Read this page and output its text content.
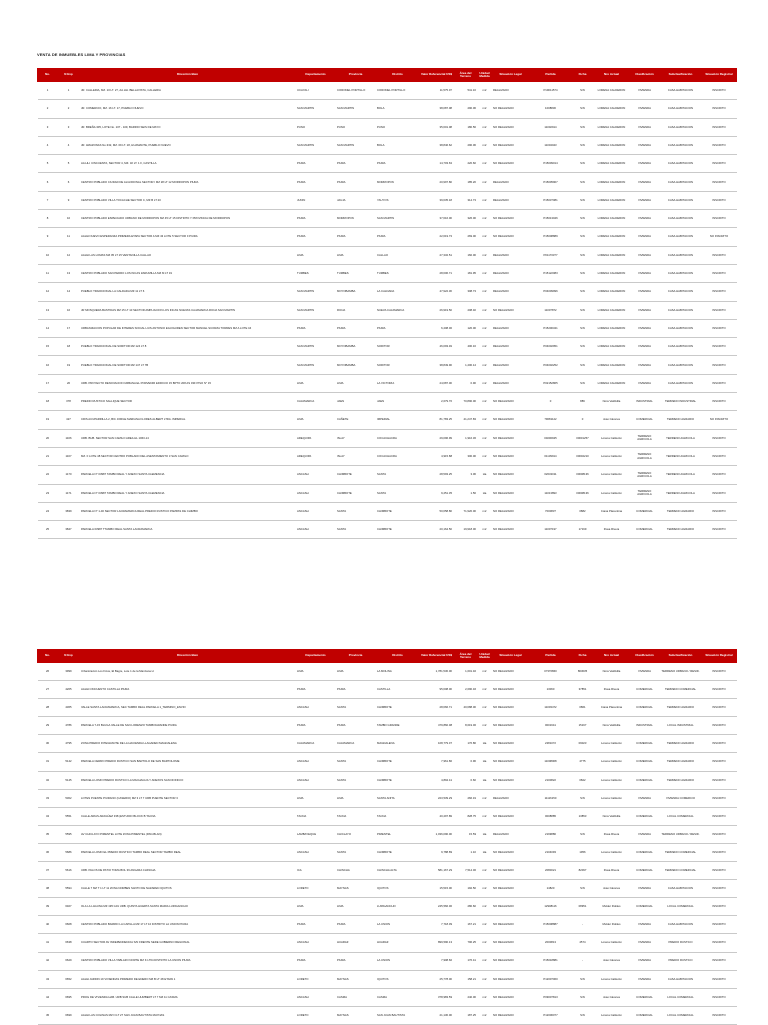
VENTA DE INMUEBLES LIMA Y PROVINCIAS
No.	N Exp	Dirección Bien	Departamento	Provincia	Distrito	Valor Referencial US$	Área del Terreno	Unidad Medida	Situación Legal	Partida	Ficha	Nro Actual	Clasificación	Subclasificación	Situación Registral
1	1	JR. CALLERIA, MZ. 10 LT. 27, AA.HH. BELLAVISTA, CALLERIA	UCAYALI	CORONEL PORTILLO	CORONEL PORTILLO	11,575.07	541.16	m2	REALIZADO	P19011574	S/N	LORENA CALDERON	VIVIENDA	CASA HABITACION	INSCRITO
2	2	JR. COMERCIO, MZ. 16 LT. 17, PUEBLO NUEVO	SAN MARTIN	SAN MARTIN	BOLA	38,087.08	290.06	m2	NO REALIZADO	1008830	S/N	LORENA CALDERON	VIVIENDA	CASA HABITACION	INSCRITO
3	3	JR. BREÑA 305, LOTE No. 107 - 109, BARRIO SEIS DE MAYO	PUNO	PUNO	PUNO	35,601.08	180.56	m2	NO REALIZADO	11002914	S/N	LORENA CALDERON	VIVIENDA	CASA HABITACION	INSCRITO
4	4	JR. AMAZONAS No.332, MZ. 09 LT. 18, HUAMANTE, PUEBLO NUEVO	SAN MARTIN	SAN MARTIN	BOLA	38,846.62	290.06	m2	NO REALIZADO	11004043	S/N	LORENA CALDERON	VIVIENDA	CASA HABITACION	INSCRITO
5	5	AA.HH. CINCUENTA, SECTOR 4, MZ. 32 LT. 1 F, CASTILLA	PIURA	PIURA	PIURA	14,703.63	220.60	m2	NO REALIZADO	P15009014	S/N	LORENA CALDERON	VIVIENDA	CASA HABITACION	INSCRITO
6	6	CENTRO POBLADO CIUDAD DE ALGODONAL SECTOR I MZ 28 LT 12 MORROPON PIURA	PIURA	PIURA	MORROPON	20,997.80	185.20	m2	REALIZADO	P15005907	S/N	LORENA CALDERON	VIVIENDA	CASA HABITACION	INSCRITO
7	9	CENTRO POBLADO VILLA TOCACHE SECTOR C, MZ B LT 20	JUNIN	JAUJA	YAUYOS	39,635.18	314.73	m2	REALIZADO	P15037081	S/N	LORENA CALDERON	VIVIENDA	CASA HABITACION	INSCRITO
8	10	CENTRO POBLADO ESPECIADO URBANO DE MORROPON MZ 45 LT 15 DISTRITO Y PROVINCIA DE MORROPON	PIURA	MORROPON	SAN MARTIN	37,616.00	326.00	m2	NO REALIZADO	P15013046	S/N	LORENA CALDERON	VIVIENDA	CASA HABITACION	INSCRITO
9	11	AAHH NUEVO ESPERANZA PRIMERA ETAPA SECTOR A MZ 43 LOTE 5 SECTOR II PIURA	PIURA	PIURA	PIURA	22,619.73	269.00	m2	NO REALIZADO	P15008889	S/N	LORENA CALDERON	VIVIENDA	CASA HABITACION	NO INSCRITO
10	12	AAHH LAS LOMAS MZ 05 LT 15 VENTANILLA CALLAO	LIMA	LIMA	CALLAO	27,332.51	160.00	m2	REALIZADO	P01170377	S/N	LORENA CALDERON	VIVIENDA	CASA HABITACION	INSCRITO
11	13	CENTRO POBLADO SAN PEDRO LOS INCAS ZARUMILLA MZ M LT 19	TUMBES	TUMBES	TUMBES	28,606.71	181.95	m2	REALIZADO	P15122083	S/N	LORENA CALDERON	VIVIENDA	CASA HABITACION	INSCRITO
12	14	PUEBLO TRADICIONAL LA CALDADA MZ 11 LT 6	SAN MARTIN	MOYOBAMBA	LA CALDADA	47,922.30	308.73	m2	REALIZADO	P04009996	S/N	LORENA CALDERON	VIVIENDA	CASA HABITACION	INSCRITO
13	16	JR MOSQUERA BASTIDAS MZ 15 LT 10 SECTOR AMPLIACION LOS INCAS NUEVAS CAJAMARCA RIOJA SAN MARTIN	SAN MARTIN	RIOJA	NUEVA CAJAMARCA	26,919.50	208.40	m2	NO REALIZADO	11007872	S/N	LORENA CALDERON	VIVIENDA	CASA HABITACION	INSCRITO
14	17	URBANIZACION POPULAR DE INTERES SOCIAL LUIS ANTONIO EGUIGUREN SECTOR MANUEL SCORZA TORRES MZ A LOTE 16	PIURA	PIURA	PIURA	6,208.00	120.00	m2	REALIZADO	P15200341	S/N	LORENA CALDERON	VIVIENDA	CASA HABITACION	INSCRITO
15	18	PUEBLO TRADICIONAL DE SORITOR MZ 124 LT 8	SAN MARTIN	MOYOBAMBA	SORITOR	46,093.49	400.16	m2	REALIZADO	P04002951	S/N	LORENA CALDERON	VIVIENDA	CASA HABITACION	INSCRITO
16	19	PUEBLO TRADICIONAL DE SORITOR MZ 147 LT 7B	SAN MARTIN	MOYOBAMBA	SORITOR	38,849.90	1,200.12	m2	REALIZADO	P04002252	S/N	LORENA CALDERON	VIVIENDA	CASA HABITACION	INSCRITO
17	20	URB. PROYECTO RENOVACION URBANA EL PORVENIR EDIFICIO 15 BPTO 208 AS 03F PISO N° 15	LIMA	LIMA	LA VICTORIA	24,687.00	0.90	m2	REALIZADO	P02152865	S/N	LORENA CALDERON	VIVIENDA	CASA HABITACION	INSCRITO
18	378	PREDIO RUSTICO SALLIQUE SECTOR	CAJAMARCA	JAEN	JAEN	2,079.70	70,890.00	m2	NO REALIZADO	0	886	Nora Valdivilla	INDUSTRIAL	TERRENO INDUSTRIAL	INSCRITO
19	427	CRIS ACUPARRILLA 2, BIC JORGE MARIANA FLORES ALBERT LTDA. IMPERIAL	LIMA	CAÑETE	IMPERIAL	81,783.25	41,247.83	m2	NO REALIZADO	79081122	0	José Cáceres	COMERCIAL	TERRENO AGRARIO	NO INSCRITO
20	1166	URB. BUB. SECTOR SAN CAMILO AREA HL 1063-14	AREQUIPA	ISLAY	COCACHACRA	29,096.99	1,916.30	m2	NO REALIZADO	04000925	00001257	Lorena Calderón	TERRENO AGRICOLA	TERRENO AGRICOLA	INSCRITO
21	1167	MZ. F LOTE 48 SECTOR CENTRO POBLADO DEL ASENTAMIENTO 3 SAN CAMILO	AREQUIPA	ISLAY	COCACHACRA	4,915.88	300.00	m2	NO REALIZADO	01139914	00002210	Lorena Calderón	TERRENO AGRICOLA	TERRENO AGRICOLA	INSCRITO
22	1170	PARCELA N° 03987 TAMBO REAL Y ANEXO SANTA CLEMENCIA	ANCASH	CHIMBOTE	SANTA	28,593.25	3.06	Ha	NO REALIZADO	02032011	00008136	Lorena Calderón	TERRENO AGRICOLA	TERRENO AGRICOLA	INSCRITO
23	1171	PARCELA N° 03987 TAMBO REAL Y ANEXO SANTA CLEMENCIA	ANCASH	CHIMBOTE	SANTA	9,251.35	1.56	Ha	NO REALIZADO	11013893	00008136	Lorena Calderón	TERRENO AGRICOLA	TERRENO AGRICOLA	INSCRITO
24	3839	PARCELA N° 1-46 SECTOR LACRAMARCA REAL PREDIO RUSTICO PAMPAS DE CHIMBO	ANCASH	SANTA	CHIMBOTE	50,658.80	71,920.00	m2	NO REALIZADO	7000837	0882	Ciana Placentina	COMERCIAL	TERRENO AGRARIO	INSCRITO
25	3847	PARCELA 03987 TTAMBO REAL SANTA LACRAMARCA	ANCASH	SANTA	CHIMBOTE	20,164.50	19,918.00	m2	NO REALIZADO	11007197	17169	Rosa Rivera	COMERCIAL	TERRENO AGRARIO	INSCRITO
No.	N Exp	Dirección Bien	Departamento	Provincia	Distrito	Valor Referencial US$	Área del Terreno	Unidad Medida	Situación Legal	Partida	Ficha	Nro Actual	Clasificación	Subclasificación	Situación Registral
26	3999	Urbanización Los Ficus, El Bagre, Lote 1 de la Manzana H	LIMA	LIMA	LA MOLINA	1,781,530.00	1,001.40	m2	NO REALIZADO	07370860	863035	Nora Valdivilla	VIVIENDA	TERRENO URBANO / RESID.	INSCRITO
27	4205	AAHH CINCUENTO CASTILLA PIURA	PIURA	PIURA	CASTILLA	95,608.00	2,090.46	m2	NO REALIZADO	13060	37851	Rosa Rivera	COMERCIAL	TERRENO COMERCIAL	INSCRITO
28	4365	VALLE SANTA LACRAMARCA, SEC TAMBO REAL PARCELA 1_TERMINO_ENVIO	ANCASH	SANTA	CHIMBOTE	28,666.71	40,688.00	m2	NO REALIZADO	11003472	0861	Ciana Placentina	COMERCIAL	TERRENO AGRARIO	INSCRITO
29	4786	PARCELA 7-15 BLUGA VALLE DE SAN LORENZO TAMBOGRANDE PIURA	PIURA	PIURA	TAMBO GRANDE	479,860.08	8,019.00	m2	NO REALIZADO	0001641	15167	Nora Valdivilla	INDUSTRIAL	LOCAL INDUSTRIAL	INSCRITO
30	4795	ZONA PREDIO INTEGRANTE DE LA HACIENDA LLAGADEN MAGDALENA	CAJAMARCA	CAJAMARCA	MAGDALENA	108,779.07	176.86	Ha	NO REALIZADO	2281072	09023	Lorena Calderón	COMERCIAL	TERRENO AGRARIO	INSCRITO
31	5142	PARCELA CERRO PREDIO RUSTICO SAN BARTOLO DE SAN BARTOLOME	ANCASH	SANTA	CHIMBOTE	7,961.80	0.96	Ha	NO REALIZADO	11008008	4775	Lorena Calderón	COMERCIAL	TERRENO AGRARIO	INSCRITO
32	5145	PARCELA LOMO PREDIO RUSTICO LA MACHAGUA Y ANEXOS SAN DIONICIO	ANCASH	SANTA	CHIMBOTE	4,894.41	0.60	Ha	NO REALIZADO	2100822	0822	Lorena Calderón	COMERCIAL	TERRENO AGRARIO	INSCRITO
33	5302	LOTES PUENTE PIURANO (CASERIO) MZ 3 LT 7 URB PUENTE SECTOR 3	LIMA	LIMA	SANTA ANITA	223,539.29	266.19	m2	REALIZADO	11116150	S/N	Lorena Calderón	VIVIENDA	VIVIENDA COMERCIO	INSCRITO
34	5551	CALLE ARIAS ARAGÜEZ 338 (ESTUDIO BLOCK B TACNA	TACNA	TACNA	TACNA	40,497.89	828.75	m2	NO REALIZADO	0008885	13853	Nora Valdivilla	COMERCIAL	LOCAL COMERCIAL	INSCRITO
35	5595	AV CHICLAYO PIMENTEL LOTE ZONA PIMENTEL (PAN-BLAN)	LAMBAYEQUE	CHICLAYO	PIMENTEL	1,036,090.00	15.59	Ha	REALIZADO	2199886	S/N	Rosa Rivera	VIVIENDA	TERRENO URBANO / RESID.	INSCRITO
36	5686	PARCELA LOMO EL PREDIO RUSTICO TAMBO REAL SECTOR TAMBO REAL	ANCASH	SANTA	CHIMBOTE	9,788.89	1.10	Ha	NO REALIZADO	2104093	1956	Lorena Calderón	COMERCIAL	TERRENO COMERCIAL	INSCRITO
37	5616	URB. PALOS DE PATIO TOMA BOL 36 ANGARA CHINCHA	ICA	CHINCHA	CHINCHA ALTA	581,167.29	7,514.00	m2	NO REALIZADO	2080021	82097	Rosa Rivera	COMERCIAL	TERRENO COMERCIAL	INSCRITO
38	5594	CALLE 7 MZ T 1 LT 11 ZONA NORBES SANTO DE NAZAREN IQUITOS	LORETO	MAYNAS	IQUITOS	15,515.00	192.50	m2	NO REALIZADO	14820	S/N	José Cáceres	VIVIENDA	CASA HABITACION	INSCRITO
39	6407	OLA LA LAGUNA MZ 195 G01 URB. QUINTA HUERTA SANTA MARIA LURIGANCHO	LIMA	LIMA	LURIGANCHO	245,566.00	280.60	m2	NO REALIZADO	12908116	08951	Mulder Robles	COMERCIAL	LOCAL COMERCIAL	INSCRITO
40	6608	CENTRO POBLADO BARRIO LA CAPILLA MZ 17 LT 10 DISTRITO LA UNION PIURA	PIURA	PIURA	LA UNION	7,718.09	167.21	m2	NO REALIZADO	P15008887	-	Mulder Robles	VIVIENDA	CASA HABITACION	INSCRITO
41	6638	CUARTO SECTOR AV INDEPENDENCIA S/N FRENTE SEDE GOBIERNO REGIONAL	ANCASH	HUARAZ	HUARAZ	899,590.13	796.25	m2	NO REALIZADO	2000813	4574	Lorena Calderón	VIVIENDA	PREDIO RUSTICO	INSCRITO
42	6629	CENTRO POBLADO VILLA TABLAZO NORTE MZ K LT64 DISTRITO LA UNION PIURA	PIURA	PIURA	LA UNION	7,908.60	176.41	m2	NO REALIZADO	P15018881	-	José Cáceres	VIVIENDA	PREDIO RUSTICO	INSCRITO
43	6652	AAHH JARDIN 19 VIVIENDAS PRIMERO DE ENERO MZ B LT 28 ETAPA 1	LORETO	MAYNAS	IQUITOS	25,778.00	158.21	m2	NO REALIZADO	P12007060	S/N	Lorena Calderón	VIVIENDA	CASA HABITACION	INSCRITO
44	6695	PROG DE VIVIENDA HAB. URB SUB CALLE HUMBERT LT 7 MZ 11 CASMA	ANCASH	CASMA	CASMA	378,983.59	240.00	m2	NO REALIZADO	P09007813	S/N	José Cáceres	COMERCIAL	LOCAL COMERCIAL	INSCRITO
45	6699	AAHH LAS COLINAS MZ N LT 27 SAN JUAN BAUTISTA MAYNAS	LORETO	MAYNAS	SAN JUAN BAUTISTA	21,130.00	187.25	m2	NO REALIZADO	P12006077	S/N	Lorena Calderón	COMERCIAL	LOCAL COMERCIAL	INSCRITO
